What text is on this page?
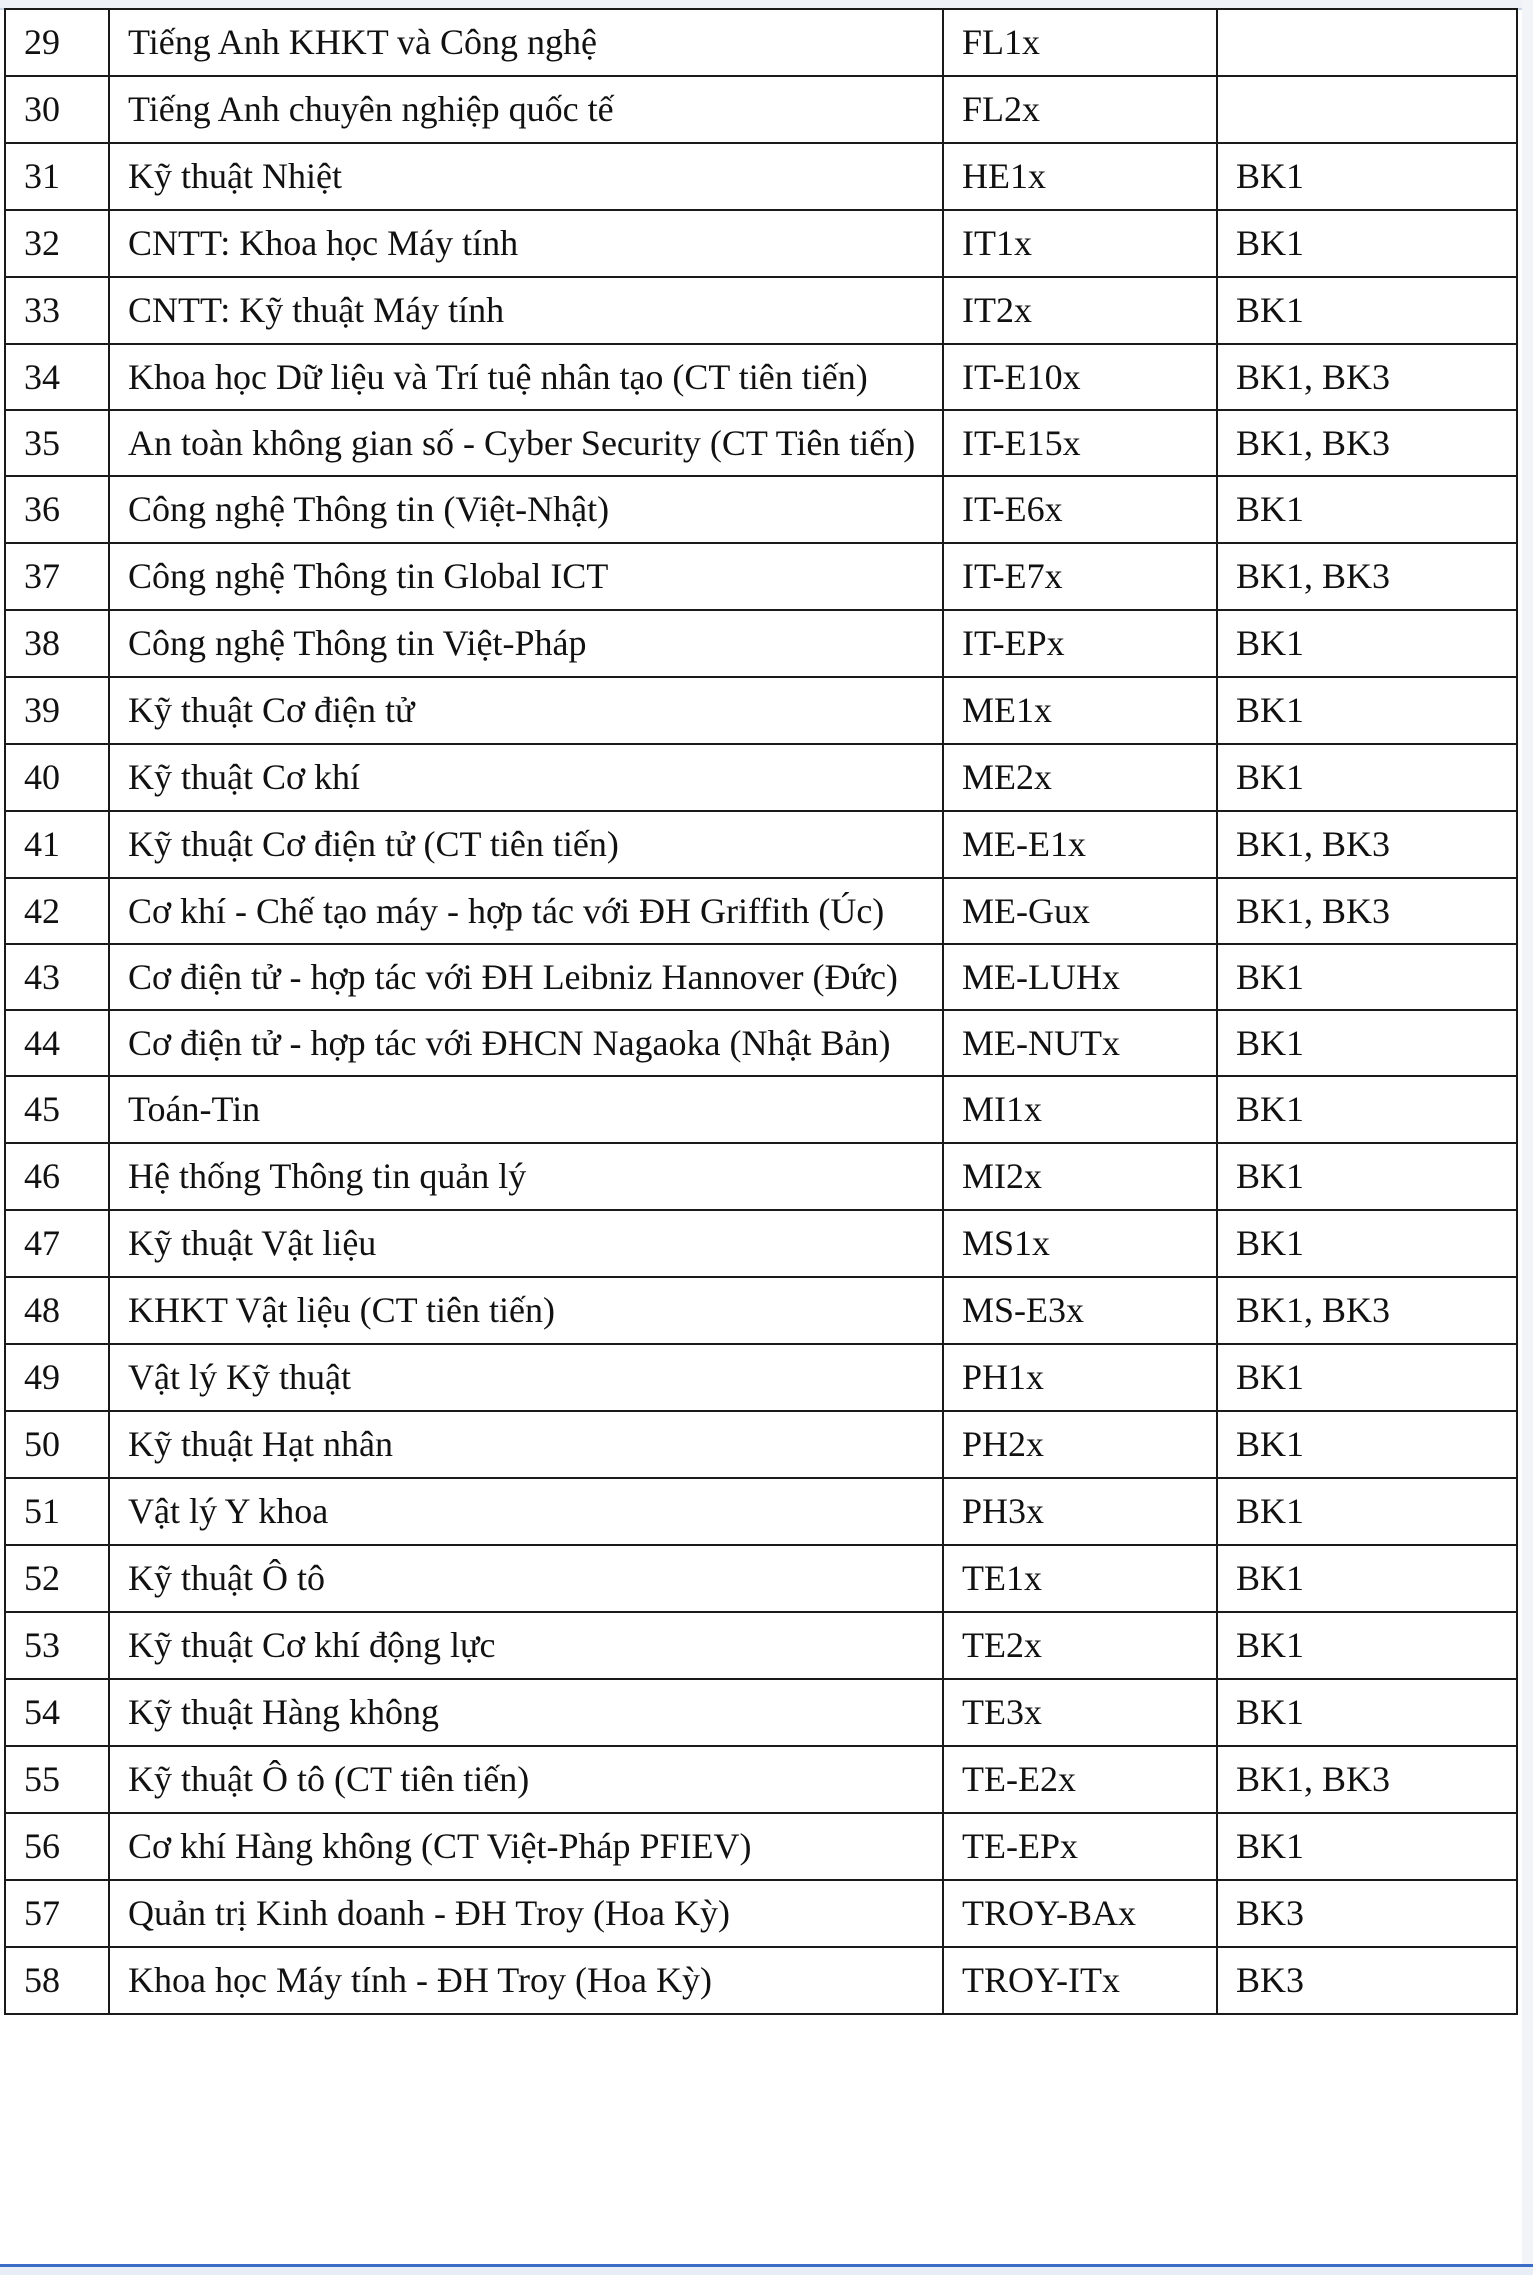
29	Tiếng Anh KHKT và Công nghệ	FL1x	
30	Tiếng Anh chuyên nghiệp quốc tế	FL2x	
31	Kỹ thuật Nhiệt	HE1x	BK1
32	CNTT: Khoa học Máy tính	IT1x	BK1
33	CNTT: Kỹ thuật Máy tính	IT2x	BK1
34	Khoa học Dữ liệu và Trí tuệ nhân tạo (CT tiên tiến)	IT-E10x	BK1, BK3
35	An toàn không gian số - Cyber Security (CT Tiên tiến)	IT-E15x	BK1, BK3
36	Công nghệ Thông tin (Việt-Nhật)	IT-E6x	BK1
37	Công nghệ Thông tin Global ICT	IT-E7x	BK1, BK3
38	Công nghệ Thông tin Việt-Pháp	IT-EPx	BK1
39	Kỹ thuật Cơ điện tử	ME1x	BK1
40	Kỹ thuật Cơ khí	ME2x	BK1
41	Kỹ thuật Cơ điện tử (CT tiên tiến)	ME-E1x	BK1, BK3
42	Cơ khí - Chế tạo máy - hợp tác với ĐH Griffith (Úc)	ME-Gux	BK1, BK3
43	Cơ điện tử - hợp tác với ĐH Leibniz Hannover (Đức)	ME-LUHx	BK1
44	Cơ điện tử - hợp tác với ĐHCN Nagaoka (Nhật Bản)	ME-NUTx	BK1
45	Toán-Tin	MI1x	BK1
46	Hệ thống Thông tin quản lý	MI2x	BK1
47	Kỹ thuật Vật liệu	MS1x	BK1
48	KHKT Vật liệu (CT tiên tiến)	MS-E3x	BK1, BK3
49	Vật lý Kỹ thuật	PH1x	BK1
50	Kỹ thuật Hạt nhân	PH2x	BK1
51	Vật lý Y khoa	PH3x	BK1
52	Kỹ thuật Ô tô	TE1x	BK1
53	Kỹ thuật Cơ khí động lực	TE2x	BK1
54	Kỹ thuật Hàng không	TE3x	BK1
55	Kỹ thuật Ô tô (CT tiên tiến)	TE-E2x	BK1, BK3
56	Cơ khí Hàng không (CT Việt-Pháp PFIEV)	TE-EPx	BK1
57	Quản trị Kinh doanh - ĐH Troy (Hoa Kỳ)	TROY-BAx	BK3
58	Khoa học Máy tính - ĐH Troy (Hoa Kỳ)	TROY-ITx	BK3
